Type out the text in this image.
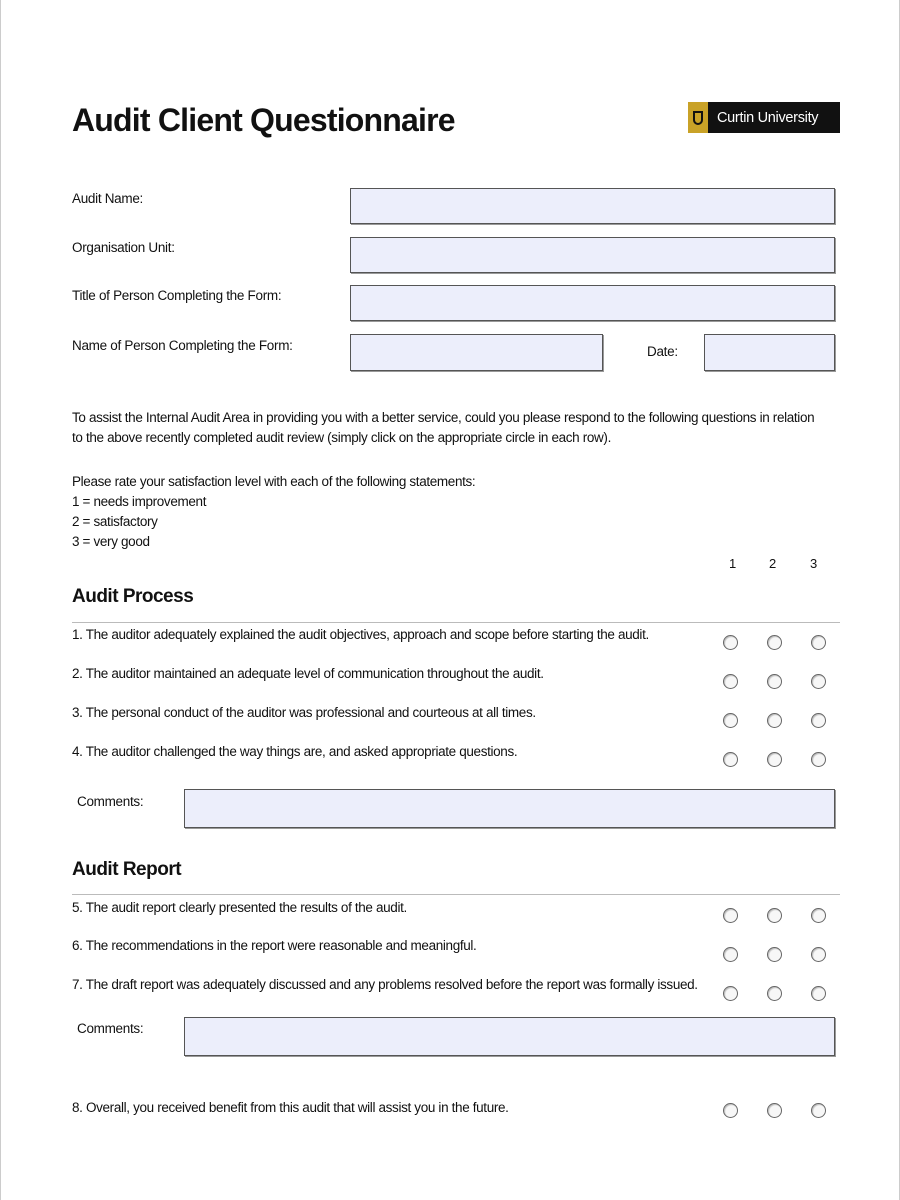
Audit Client Questionnaire	Curtin University
Audit Name:
Organisation Unit:
Title of Person Completing the Form:
Name of Person Completing the Form:	Date:
To assist the Internal Audit Area in providing you with a better service, could you please respond to the following questions in relation
to the above recently completed audit review (simply click on the appropriate circle in each row).
Please rate your satisfaction level with each of the following statements:
1 = needs improvement
2 = satisfactory
3 = very good
1	2	3
Audit Process
1. The auditor adequately explained the audit objectives, approach and scope before starting the audit.
2. The auditor maintained an adequate level of communication throughout the audit.
3. The personal conduct of the auditor was professional and courteous at all times.
4. The auditor challenged the way things are, and asked appropriate questions.
Comments:
Audit Report
5. The audit report clearly presented the results of the audit.
6. The recommendations in the report were reasonable and meaningful.
7. The draft report was adequately discussed and any problems resolved before the report was formally issued.
Comments:
8. Overall, you received benefit from this audit that will assist you in the future.
